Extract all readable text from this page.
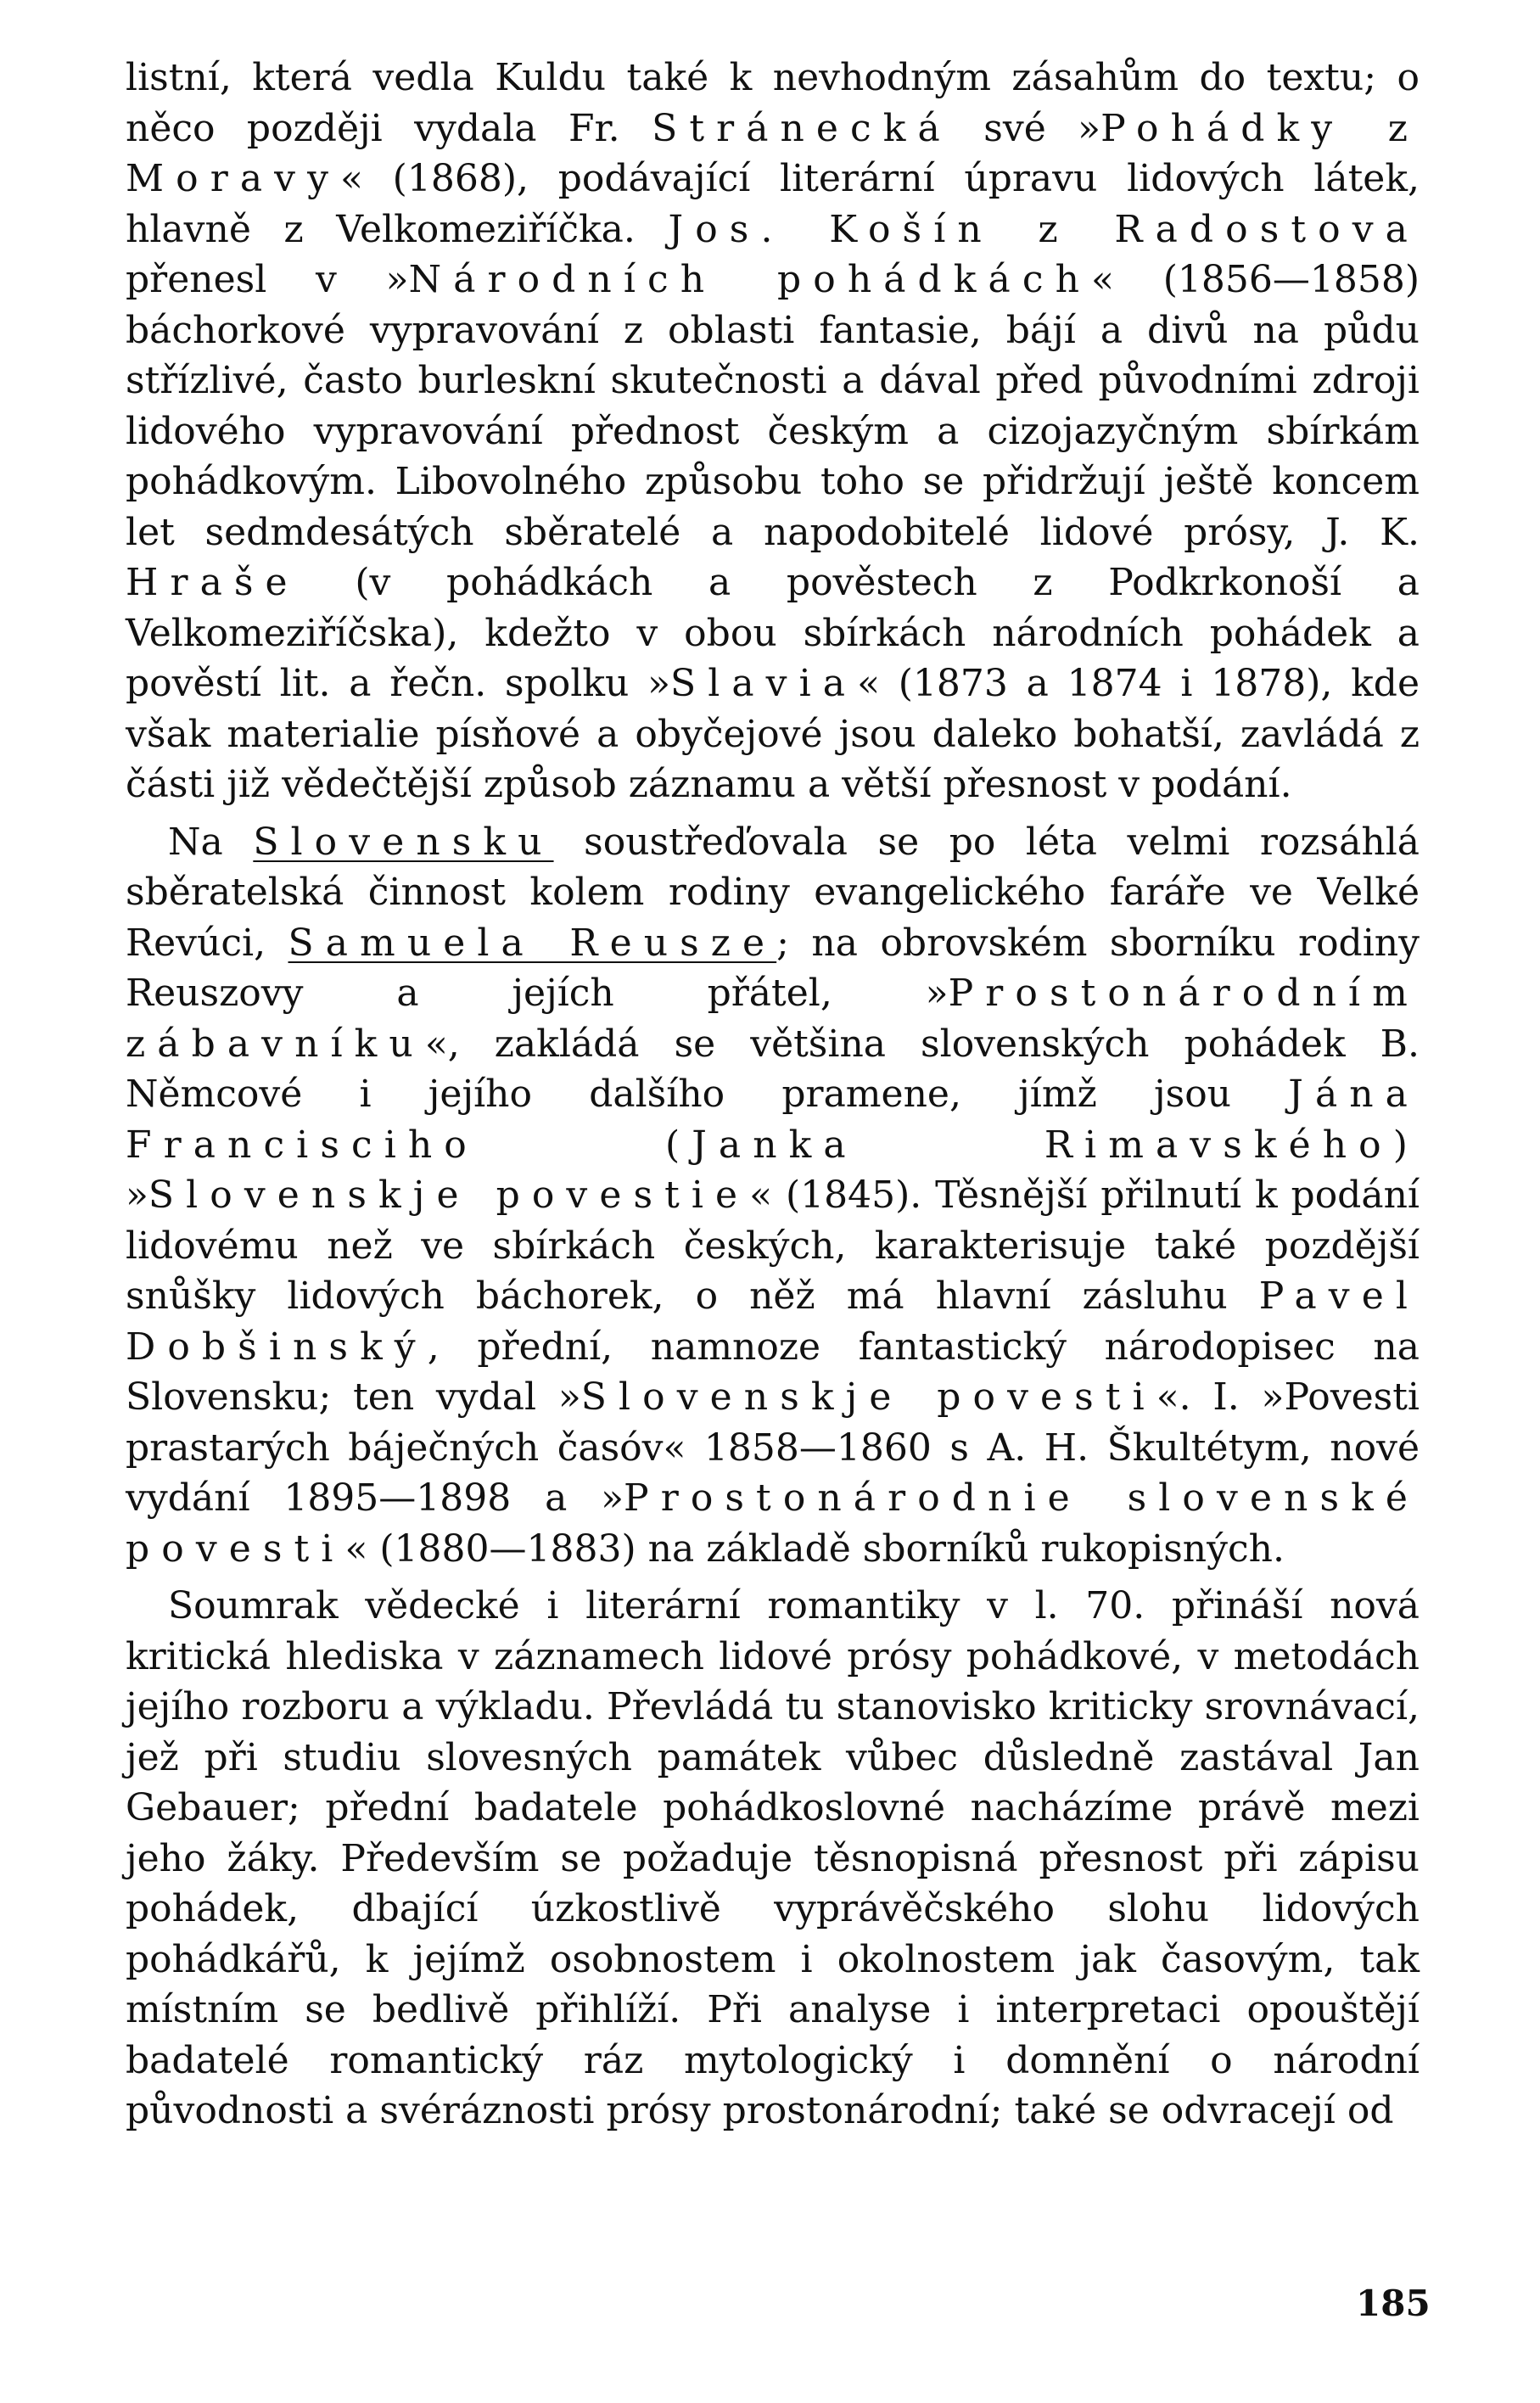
listní, která vedla Kuldu také k nevhodným zásahům do textu; o něco později vydala Fr. Stránecká své »Pohádky z Moravy« (1868), podávající literární úpravu lidových látek, hlavně z Velkomeziříčka. Jos. Košín z Radostova přenesl v »Národních pohádkách« (1856—1858) báchorkové vypravování z oblasti fantasie, bájí a divů na půdu střízlivé, často burleskní skutečnosti a dával před původními zdroji lidového vypravování přednost českým a cizojazyčným sbírkám pohádkovým. Libovolného způsobu toho se přidržují ještě koncem let sedmdesátých sběratelé a napodobitelé lidové prósy, J. K. Hraše (v pohádkách a pověstech z Podkrkonoší a Velkomeziříčska), kdežto v obou sbírkách národních pohádek a pověstí lit. a řečn. spolku »Slavia« (1873 a 1874 i 1878), kde však materialie písňové a obyčejové jsou daleko bohatší, zavládá z části již vědečtější způsob záznamu a větší přesnost v podání.

Na Slovensku soustřeďovala se po léta velmi rozsáhlá sběratelská činnost kolem rodiny evangelického faráře ve Velké Revúci, Samuela Reusze; na obrovském sborníku rodiny Reuszovy a jejích přátel, »Prostonárodním zábavníku«, zakládá se většina slovenských pohádek B. Němcové i jejího dalšího pramene, jímž jsou Jána Francisciho (Janka Rimavského) »Slovenskje povestie« (1845). Těsnější přilnutí k podání lidovému než ve sbírkách českých, karakterisuje také pozdější snůšky lidových báchorek, o něž má hlavní zásluhu Pavel Dobšinský, přední, namnoze fantastický národopisec na Slovensku; ten vydal »Slovenskje povesti«. I. »Povesti prastarých báječných časóv« 1858—1860 s A. H. Škultétym, nové vydání 1895—1898 a »Prostonárodnie slovenské povesti« (1880—1883) na základě sborníků rukopisných.

Soumrak vědecké i literární romantiky v l. 70. přináší nová kritická hlediska v záznamech lidové prósy pohádkové, v metodách jejího rozboru a výkladu. Převládá tu stanovisko kriticky srovnávací, jež při studiu slovesných památek vůbec důsledně zastával Jan Gebauer; přední badatele pohádkoslovné nacházíme právě mezi jeho žáky. Především se požaduje těsnopisná přesnost při zápisu pohádek, dbající úzkostlivě vyprávěčského slohu lidových pohádkářů, k jejímž osobnostem i okolnostem jak časovým, tak místním se bedlivě přihlíží. Při analyse i interpretaci opouštějí badatelé romantický ráz mytologický i domnění o národní původnosti a svéráznosti prósy prostonárodní; také se odvracejí od

185
